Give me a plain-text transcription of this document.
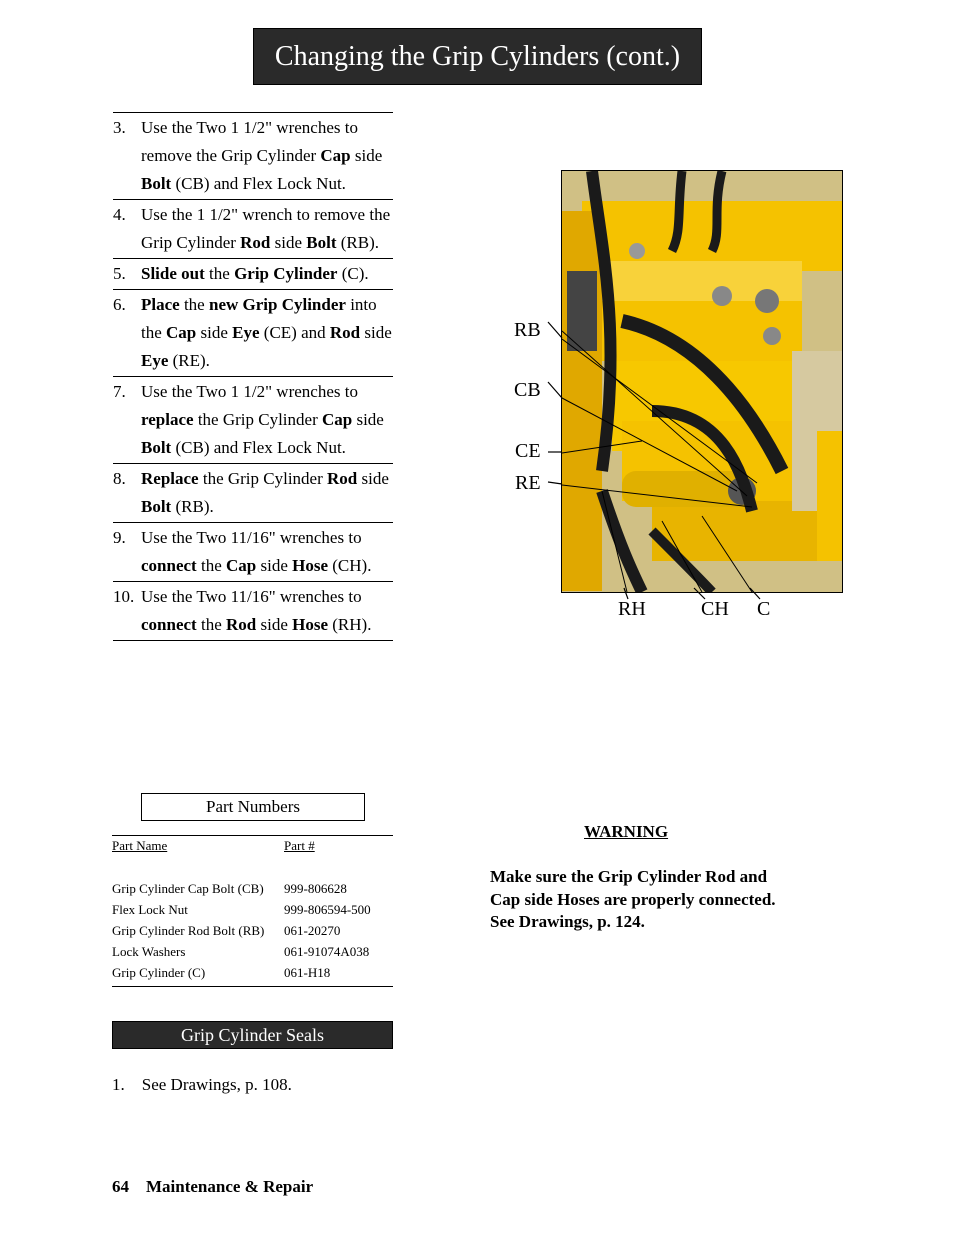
Changing the Grip Cylinders (cont.)
3. Use the Two 1 1/2" wrenches to remove the Grip Cylinder Cap side Bolt (CB) and Flex Lock Nut.
4. Use the 1 1/2" wrench to remove the Grip Cylinder Rod side Bolt (RB).
5. Slide out the Grip Cylinder (C).
6. Place the new Grip Cylinder into the Cap side Eye (CE) and Rod side Eye (RE).
7. Use the Two 1 1/2" wrenches to replace the Grip Cylinder Cap side Bolt (CB) and Flex Lock Nut.
8. Replace the Grip Cylinder Rod side Bolt (RB).
9. Use the Two 11/16" wrenches to connect the Cap side Hose (CH).
10. Use the Two 11/16" wrenches to connect the Rod side Hose (RH).
Part Numbers
Part Name	Part #
Grip Cylinder Cap Bolt (CB)	999-806628
Flex Lock Nut	999-806594-500
Grip Cylinder Rod Bolt (RB)	061-20270
Lock Washers	061-91074A038
Grip Cylinder (C)	061-H18
Grip Cylinder Seals
1.    See Drawings, p. 108.
64    Maintenance & Repair
WARNING
Make sure the Grip Cylinder Rod and Cap side Hoses are properly connected. See Drawings, p. 124.
RB
CB
CE
RE
RH	CH C
